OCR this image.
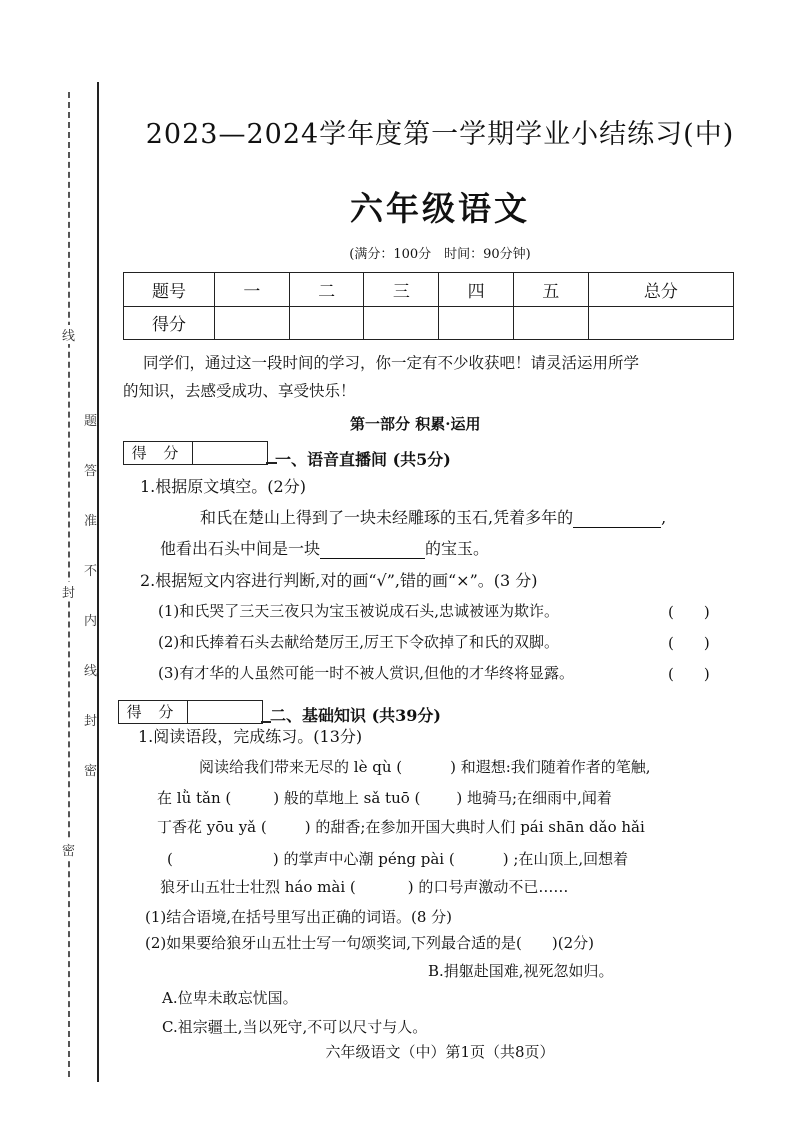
题
答
准
不
内
线
封
密
线
封
密
2023—2024学年度第一学期学业小结练习(中)
六年级语文
(满分：100分　时间：90分钟)
题号	一	二	三	四	五	总分
得分						
同学们，通过这一段时间的学习，你一定有不少收获吧！请灵活运用所学
的知识，去感受成功、享受快乐！
第一部分 积累·运用
得 分	一、语音直播间 (共5分)
1.根据原文填空。(2分)
和氏在楚山上得到了一块未经雕琢的玉石,凭着多年的	,
他看出石头中间是一块	的宝玉。
2.根据短文内容进行判断,对的画“√”,错的画“×”。(3 分)
(1)和氏哭了三天三夜只为宝玉被说成石头,忠诚被诬为欺诈。	(　　)
(2)和氏捧着石头去献给楚厉王,厉王下令砍掉了和氏的双脚。	(　　)
(3)有才华的人虽然可能一时不被人赏识,但他的才华终将显露。	(　　)
得 分	二、基础知识 (共39分)
1.阅读语段，完成练习。(13分)
阅读给我们带来无尽的 lè qù (	) 和遐想:我们随着作者的笔触,
在 lǜ tǎn (	) 般的草地上 sǎ tuō ( ) 地骑马;在细雨中,闻着
丁香花 yōu yǎ (	) 的甜香;在参加开国大典时人们 pái shān dǎo hǎi
(	) 的掌声中心潮 péng pài (	) ;在山顶上,回想着
狼牙山五壮士壮烈 háo mài (	) 的口号声激动不已……
(1)结合语境,在括号里写出正确的词语。(8 分)
(2)如果要给狼牙山五壮士写一句颂奖词,下列最合适的是(　　)(2分)
B.捐躯赴国难,视死忽如归。
A.位卑未敢忘忧国。
C.祖宗疆土,当以死守,不可以尺寸与人。
六年级语文（中）第1页（共8页）
